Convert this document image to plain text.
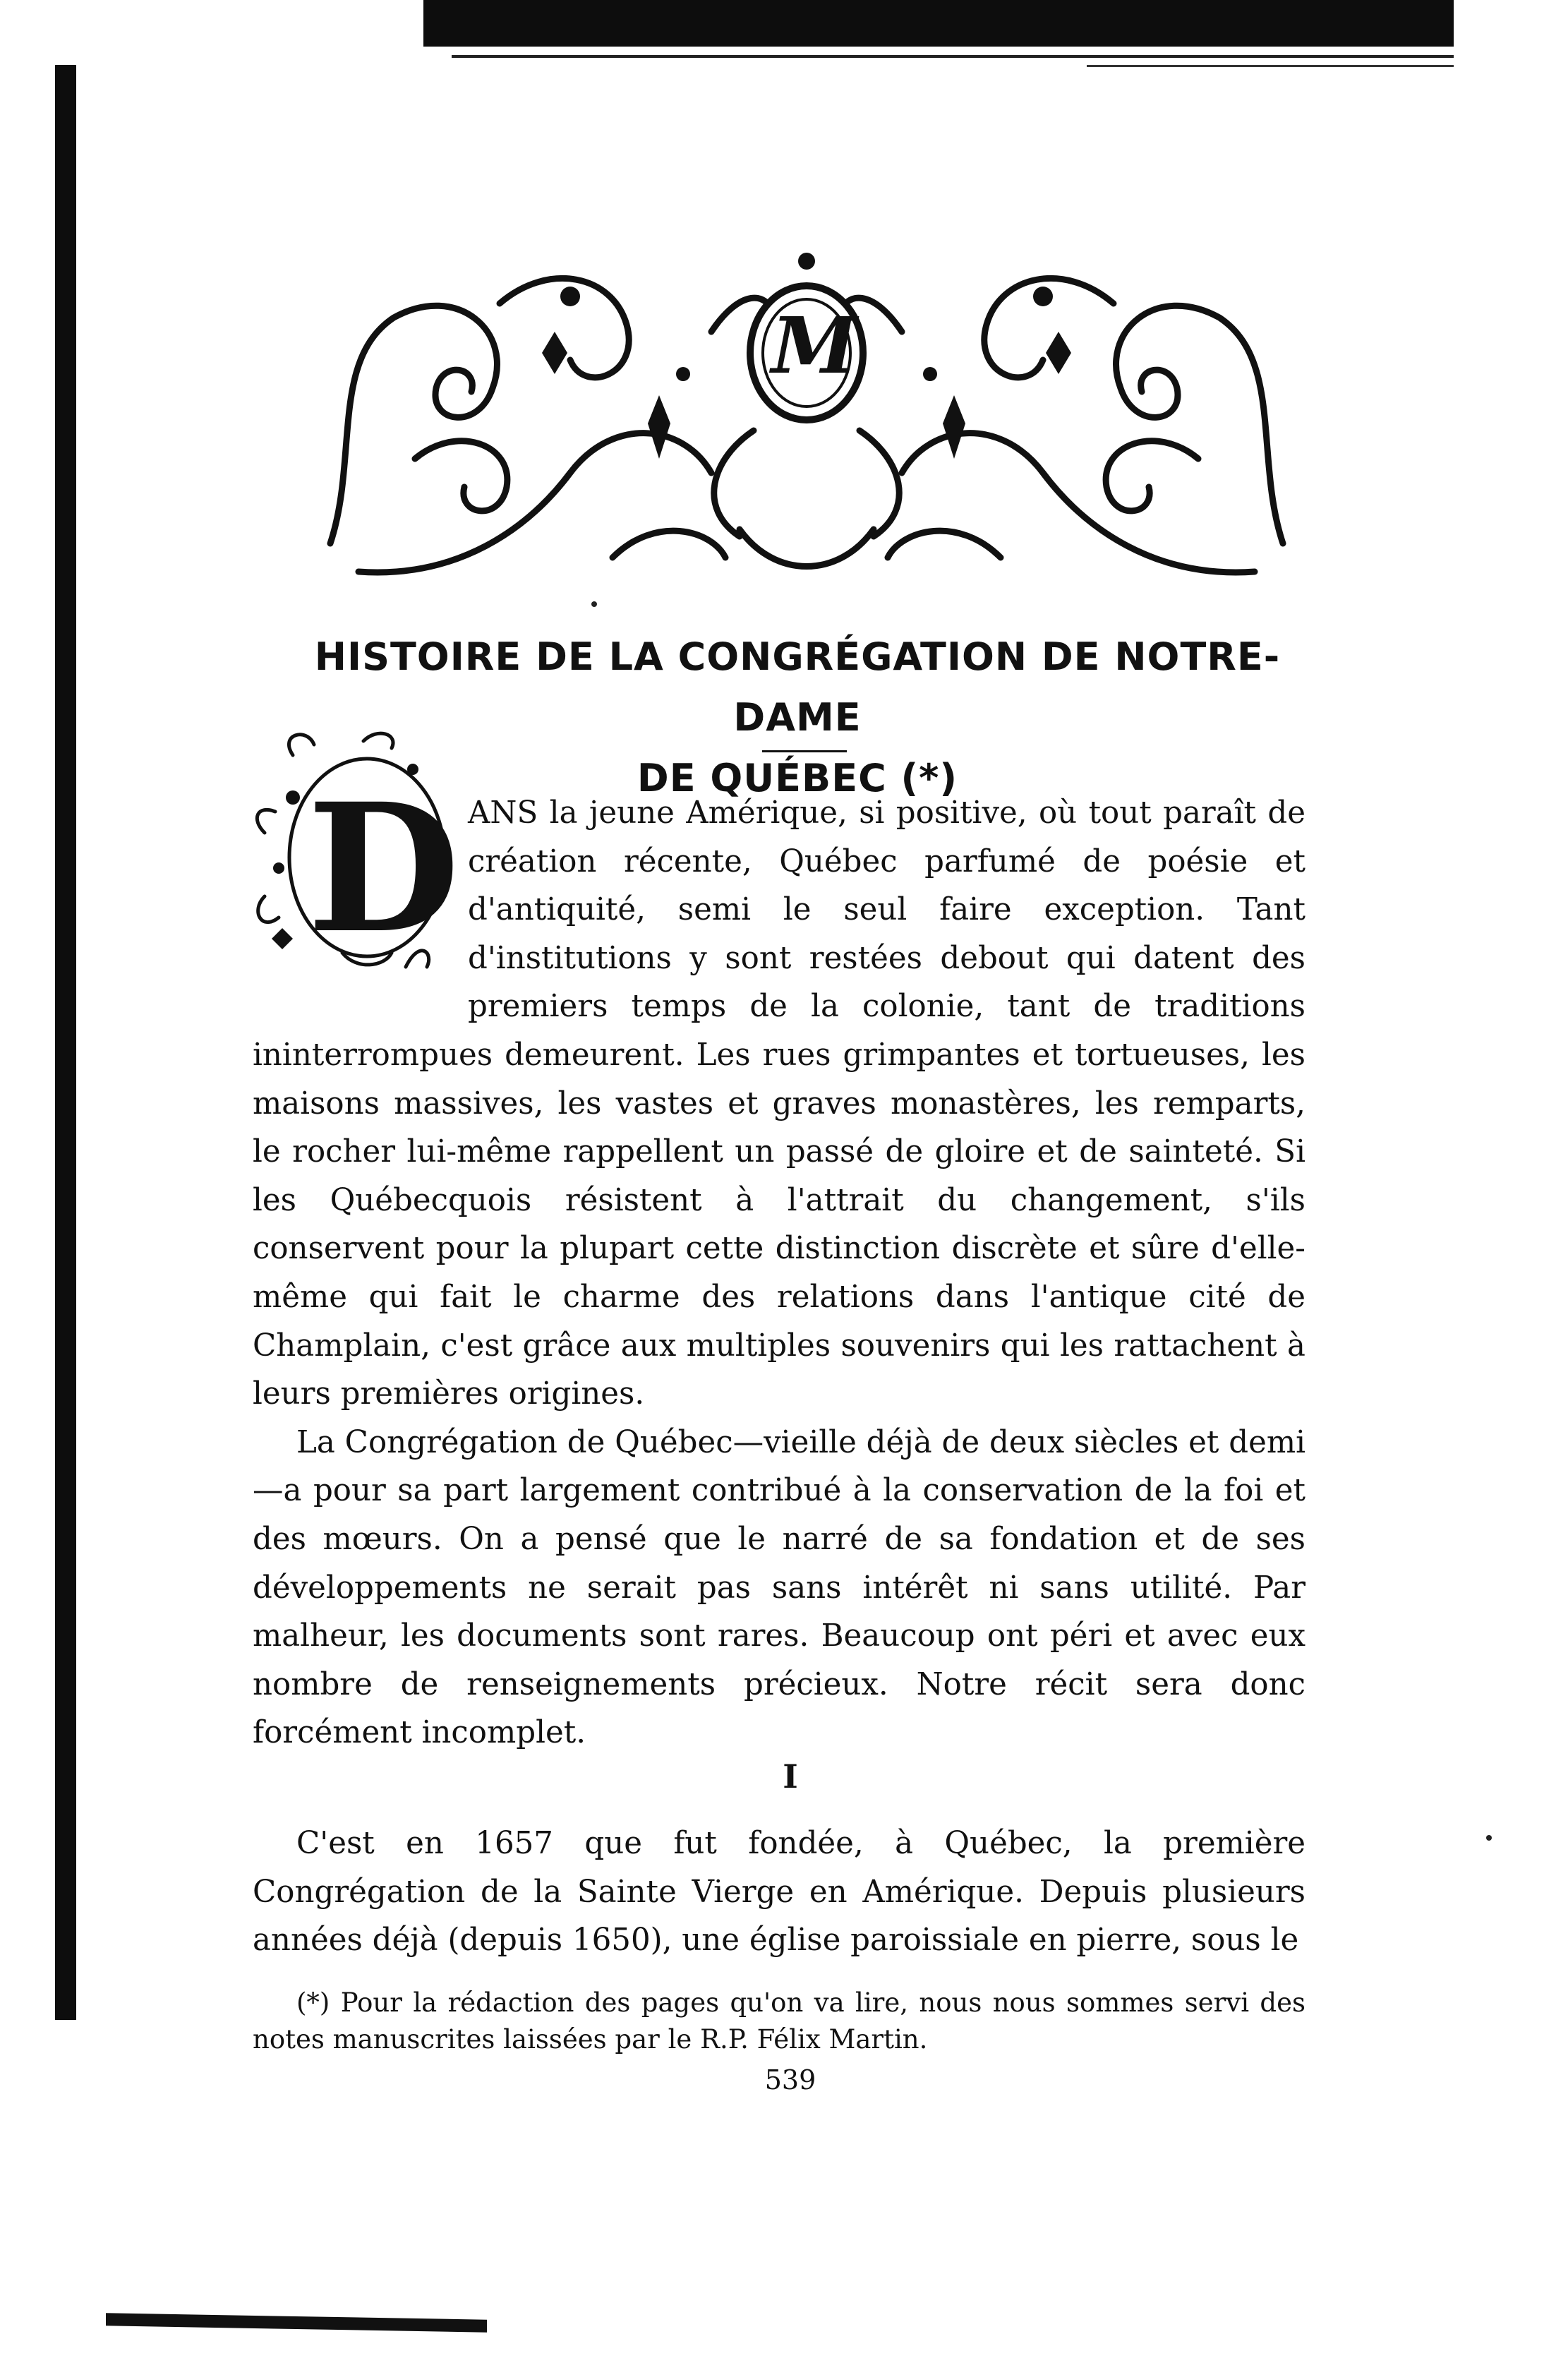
M
HISTOIRE DE LA CONGRÉGATION DE NOTRE-DAME
DE QUÉBEC (*)
D ANS la jeune Amérique, si positive, où tout paraît de création récente, Québec parfumé de poésie et d'antiquité, semi le seul faire exception. Tant d'institutions y sont restées debout qui datent des premiers temps de la colonie, tant de traditions ininterrompues demeurent. Les rues grimpantes et tortueuses, les maisons massives, les vastes et graves monastères, les remparts, le rocher lui-même rappellent un passé de gloire et de sainteté. Si les Québecquois résistent à l'attrait du changement, s'ils conservent pour la plupart cette distinction discrète et sûre d'elle-même qui fait le charme des relations dans l'antique cité de Champlain, c'est grâce aux multiples souvenirs qui les rattachent à leurs premières origines.

La Congrégation de Québec—vieille déjà de deux siècles et demi—a pour sa part largement contribué à la conservation de la foi et des mœurs. On a pensé que le narré de sa fondation et de ses développements ne serait pas sans intérêt ni sans utilité. Par malheur, les documents sont rares. Beaucoup ont péri et avec eux nombre de renseignements précieux. Notre récit sera donc forcément incomplet.

I

C'est en 1657 que fut fondée, à Québec, la première Congrégation de la Sainte Vierge en Amérique. Depuis plusieurs années déjà (depuis 1650), une église paroissiale en pierre, sous le

(*) Pour la rédaction des pages qu'on va lire, nous nous sommes servi des notes manuscrites laissées par le R.P. Félix Martin.

539
